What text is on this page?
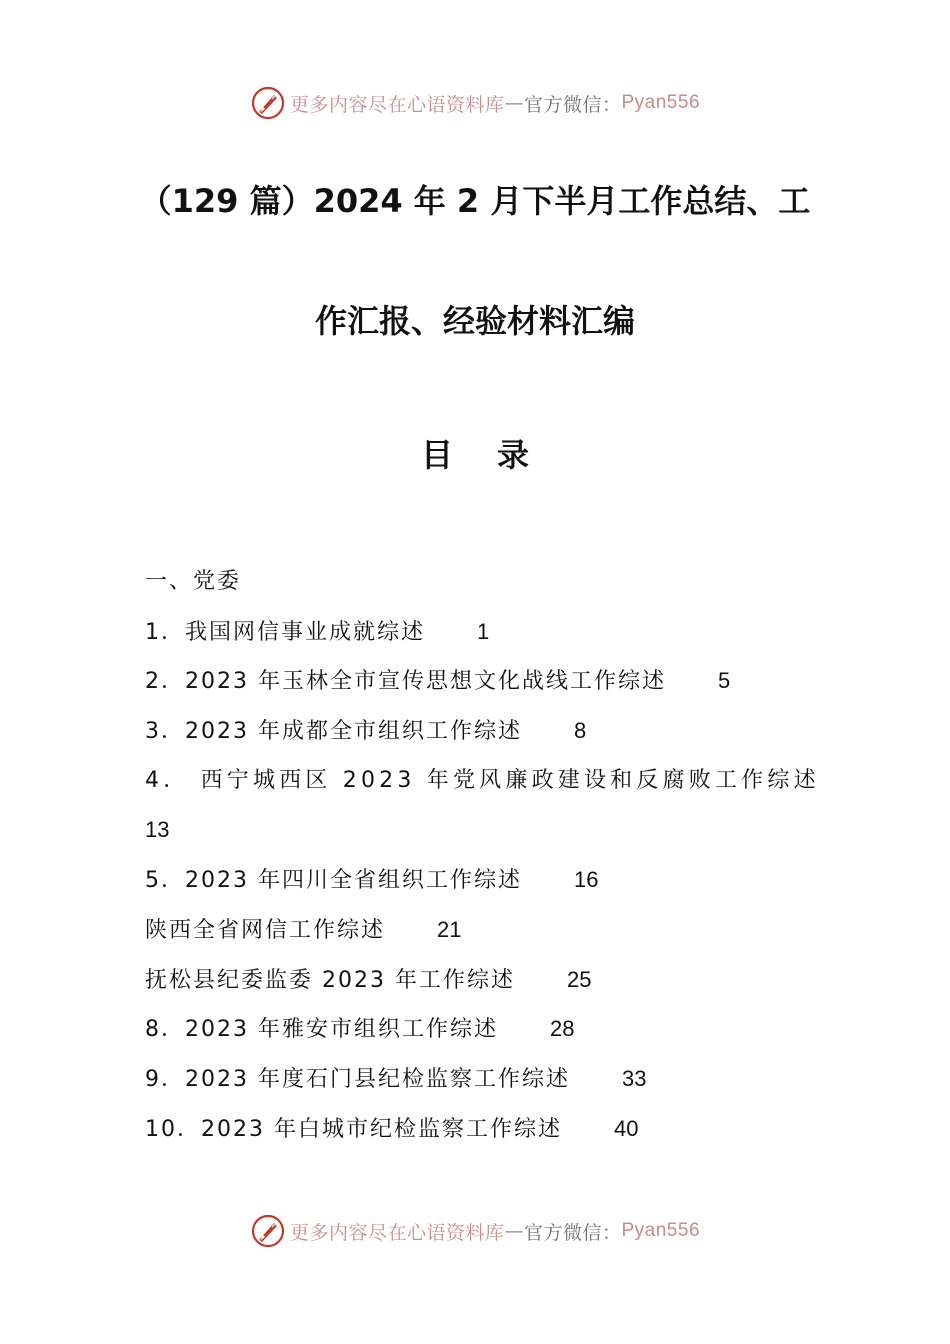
更多内容尽在心语资料库 — 官方微信： Pyan556
（129 篇）2024 年 2 月下半月工作总结、工
作汇报、经验材料汇编
目录
一、党委
1．我国网信事业成就综述 1
2．2023 年玉林全市宣传思想文化战线工作综述 5
3．2023 年成都全市组织工作综述 8
4． 西宁城西区 2023 年党风廉政建设和反腐败工作综述
13
5．2023 年四川全省组织工作综述 16
陕西全省网信工作综述 21
抚松县纪委监委 2023 年工作综述 25
8．2023 年雅安市组织工作综述 28
9．2023 年度石门县纪检监察工作综述 33
10．2023 年白城市纪检监察工作综述 40
更多内容尽在心语资料库 — 官方微信： Pyan556
